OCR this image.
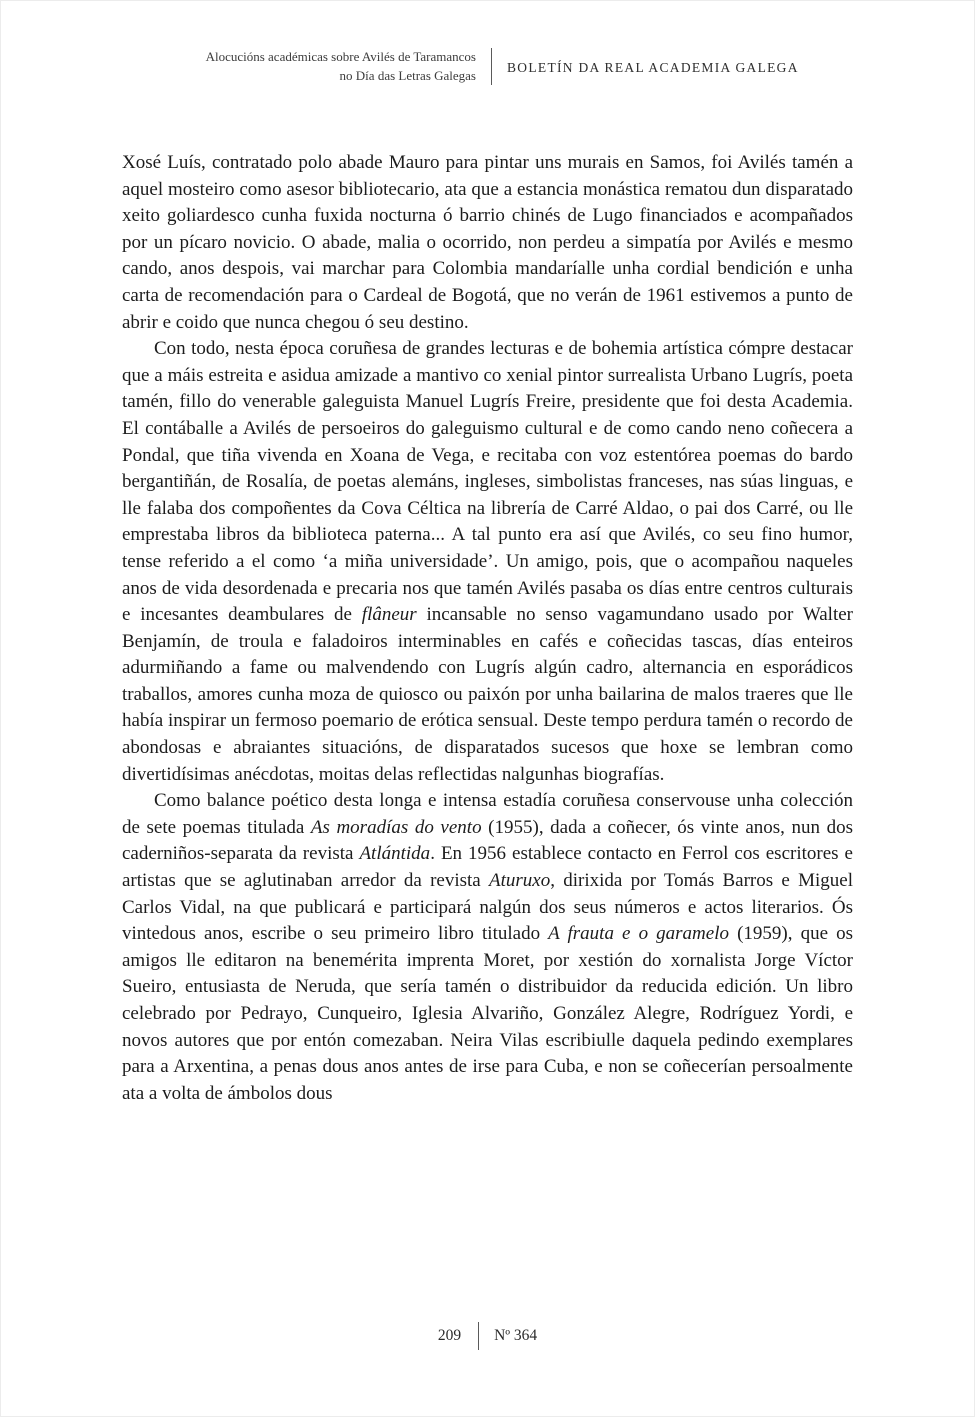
Alocucións académicas sobre Avilés de Taramancos
no Día das Letras Galegas
BOLETÍN DA REAL ACADEMIA GALEGA

Xosé Luís, contratado polo abade Mauro para pintar uns murais en Samos, foi Avilés tamén a aquel mosteiro como asesor bibliotecario, ata que a estancia monástica rematou dun disparatado xeito goliardesco cunha fuxida nocturna ó barrio chinés de Lugo financiados e acompañados por un pícaro novicio. O abade, malia o ocorrido, non perdeu a simpatía por Avilés e mesmo cando, anos despois, vai marchar para Colombia mandaríalle unha cordial bendición e unha carta de recomendación para o Cardeal de Bogotá, que no verán de 1961 estivemos a punto de abrir e coido que nunca chegou ó seu destino.

Con todo, nesta época coruñesa de grandes lecturas e de bohemia artística cómpre destacar que a máis estreita e asidua amizade a mantivo co xenial pintor surrealista Urbano Lugrís, poeta tamén, fillo do venerable galeguista Manuel Lugrís Freire, presidente que foi desta Academia. El contáballe a Avilés de persoeiros do galeguismo cultural e de como cando neno coñecera a Pondal, que tiña vivenda en Xoana de Vega, e recitaba con voz estentórea poemas do bardo bergantiñán, de Rosalía, de poetas alemáns, ingleses, simbolistas franceses, nas súas linguas, e lle falaba dos compoñentes da Cova Céltica na librería de Carré Aldao, o pai dos Carré, ou lle emprestaba libros da biblioteca paterna... A tal punto era así que Avilés, co seu fino humor, tense referido a el como ‘a miña universidade’. Un amigo, pois, que o acompañou naqueles anos de vida desordenada e precaria nos que tamén Avilés pasaba os días entre centros culturais e incesantes deambulares de flâneur incansable no senso vagamundano usado por Walter Benjamín, de troula e faladoiros interminables en cafés e coñecidas tascas, días enteiros adurmiñando a fame ou malvendendo con Lugrís algún cadro, alternancia en esporádicos traballos, amores cunha moza de quiosco ou paixón por unha bailarina de malos traeres que lle había inspirar un fermoso poemario de erótica sensual. Deste tempo perdura tamén o recordo de abondosas e abraiantes situacións, de disparatados sucesos que hoxe se lembran como divertidísimas anécdotas, moitas delas reflectidas nalgunhas biografías.

Como balance poético desta longa e intensa estadía coruñesa conservouse unha colección de sete poemas titulada As moradías do vento (1955), dada a coñecer, ós vinte anos, nun dos caderniños-separata da revista Atlántida. En 1956 establece contacto en Ferrol cos escritores e artistas que se aglutinaban arredor da revista Aturuxo, dirixida por Tomás Barros e Miguel Carlos Vidal, na que publicará e participará nalgún dos seus números e actos literarios. Ós vintedous anos, escribe o seu primeiro libro titulado A frauta e o garamelo (1959), que os amigos lle editaron na benemérita imprenta Moret, por xestión do xornalista Jorge Víctor Sueiro, entusiasta de Neruda, que sería tamén o distribuidor da reducida edición. Un libro celebrado por Pedrayo, Cunqueiro, Iglesia Alvariño, González Alegre, Rodríguez Yordi, e novos autores que por entón comezaban. Neira Vilas escribiulle daquela pedindo exemplares para a Arxentina, a penas dous anos antes de irse para Cuba, e non se coñecerían persoalmente ata a volta de ámbolos dous

209 Nº 364
